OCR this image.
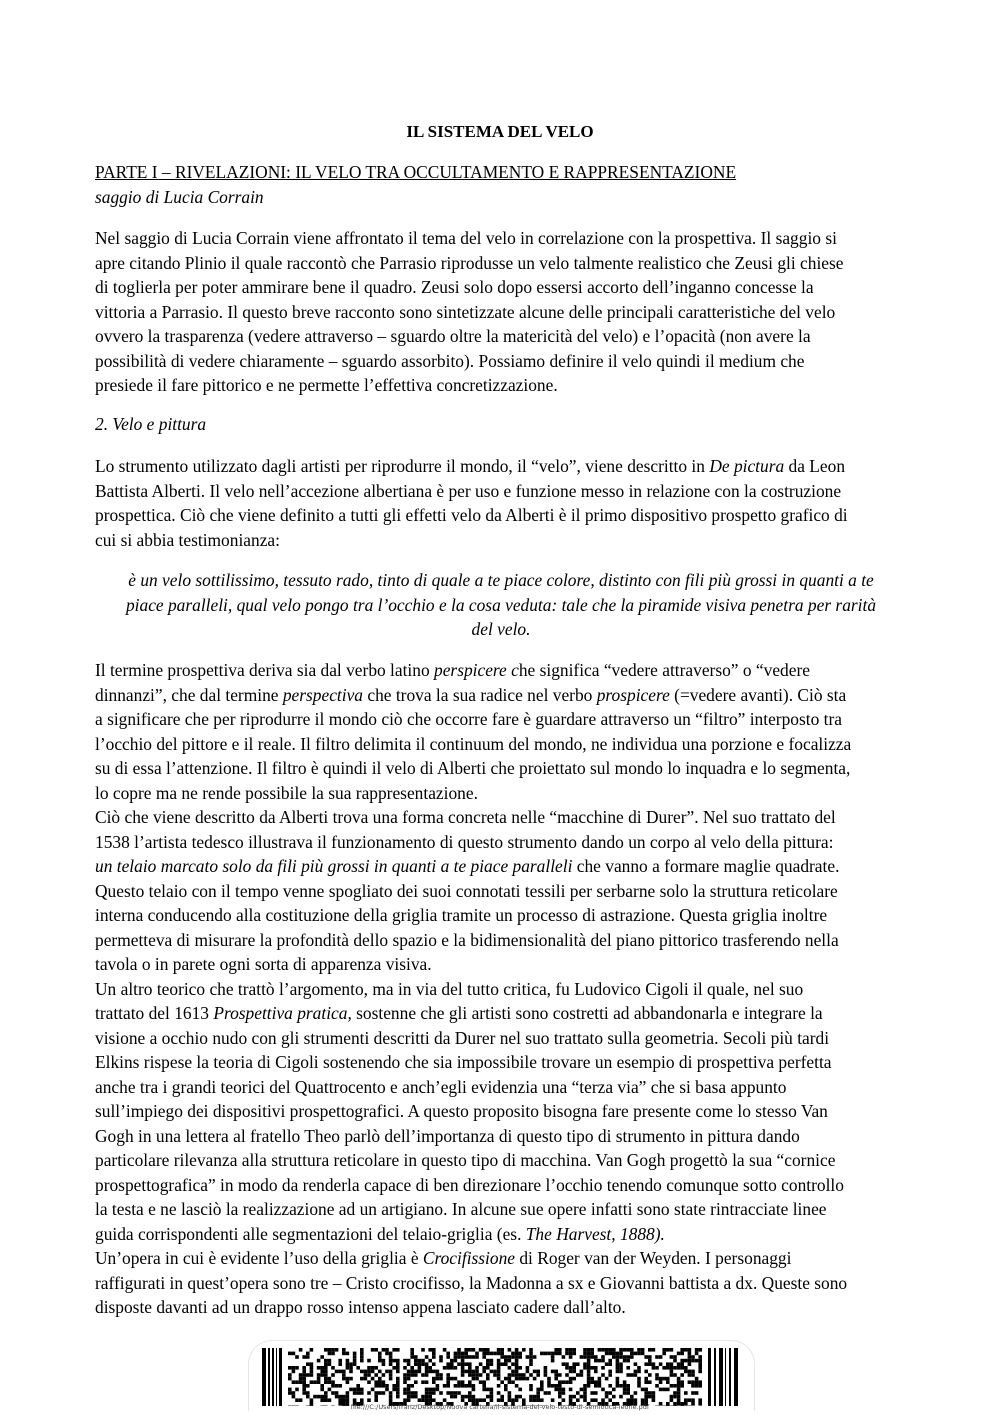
IL SISTEMA DEL VELO
PARTE I – RIVELAZIONI: IL VELO TRA OCCULTAMENTO E RAPPRESENTAZIONE
saggio di Lucia Corrain
Nel saggio di Lucia Corrain viene affrontato il tema del velo in correlazione con la prospettiva. Il saggio si
apre citando Plinio il quale raccontò che Parrasio riprodusse un velo talmente realistico che Zeusi gli chiese
di toglierla per poter ammirare bene il quadro. Zeusi solo dopo essersi accorto dell’inganno concesse la
vittoria a Parrasio. Il questo breve racconto sono sintetizzate alcune delle principali caratteristiche del velo
ovvero la trasparenza (vedere attraverso – sguardo oltre la matericità del velo) e l’opacità (non avere la
possibilità di vedere chiaramente – sguardo assorbito). Possiamo definire il velo quindi il medium che
presiede il fare pittorico e ne permette l’effettiva concretizzazione.
2. Velo e pittura
Lo strumento utilizzato dagli artisti per riprodurre il mondo, il “velo”, viene descritto in De pictura da Leon
Battista Alberti. Il velo nell’accezione albertiana è per uso e funzione messo in relazione con la costruzione
prospettica. Ciò che viene definito a tutti gli effetti velo da Alberti è il primo dispositivo prospetto grafico di
cui si abbia testimonianza:
è un velo sottilissimo, tessuto rado, tinto di quale a te piace colore, distinto con fili più grossi in quanti a te
piace paralleli, qual velo pongo tra l’occhio e la cosa veduta: tale che la piramide visiva penetra per rarità
del velo.
Il termine prospettiva deriva sia dal verbo latino perspicere che significa “vedere attraverso” o “vedere
dinnanzi”, che dal termine perspectiva che trova la sua radice nel verbo prospicere (=vedere avanti). Ciò sta
a significare che per riprodurre il mondo ciò che occorre fare è guardare attraverso un “filtro” interposto tra
l’occhio del pittore e il reale. Il filtro delimita il continuum del mondo, ne individua una porzione e focalizza
su di essa l’attenzione. Il filtro è quindi il velo di Alberti che proiettato sul mondo lo inquadra e lo segmenta,
lo copre ma ne rende possibile la sua rappresentazione.
Ciò che viene descritto da Alberti trova una forma concreta nelle “macchine di Durer”. Nel suo trattato del
1538 l’artista tedesco illustrava il funzionamento di questo strumento dando un corpo al velo della pittura:
un telaio marcato solo da fili più grossi in quanti a te piace paralleli che vanno a formare maglie quadrate.
Questo telaio con il tempo venne spogliato dei suoi connotati tessili per serbarne solo la struttura reticolare
interna conducendo alla costituzione della griglia tramite un processo di astrazione. Questa griglia inoltre
permetteva di misurare la profondità dello spazio e la bidimensionalità del piano pittorico trasferendo nella
tavola o in parete ogni sorta di apparenza visiva.
Un altro teorico che trattò l’argomento, ma in via del tutto critica, fu Ludovico Cigoli il quale, nel suo
trattato del 1613 Prospettiva pratica, sostenne che gli artisti sono costretti ad abbandonarla e integrare la
visione a occhio nudo con gli strumenti descritti da Durer nel suo trattato sulla geometria. Secoli più tardi
Elkins rispese la teoria di Cigoli sostenendo che sia impossibile trovare un esempio di prospettiva perfetta
anche tra i grandi teorici del Quattrocento e anch’egli evidenzia una “terza via” che si basa appunto
sull’impiego dei dispositivi prospettografici. A questo proposito bisogna fare presente come lo stesso Van
Gogh in una lettera al fratello Theo parlò dell’importanza di questo tipo di strumento in pittura dando
particolare rilevanza alla struttura reticolare in questo tipo di macchina. Van Gogh progettò la sua “cornice
prospettografica” in modo da renderla capace di ben direzionare l’occhio tenendo comunque sotto controllo
la testa e ne lasciò la realizzazione ad un artigiano. In alcune sue opere infatti sono state rintracciate linee
guida corrispondenti alle segmentazioni del telaio-griglia (es. The Harvest, 1888).
Un’opera in cui è evidente l’uso della griglia è Crocifissione di Roger van der Weyden. I personaggi
raffigurati in quest’opera sono tre – Cristo crocifisso, la Madonna a sx e Giovanni battista a dx. Queste sono
disposte davanti ad un drappo rosso intenso appena lasciato cadere dall’alto.
file:///C:/Users/franz/Desktop/Nuova cartella/il-sistema-del-velo-testo-di-semiotica-leone.pdf
